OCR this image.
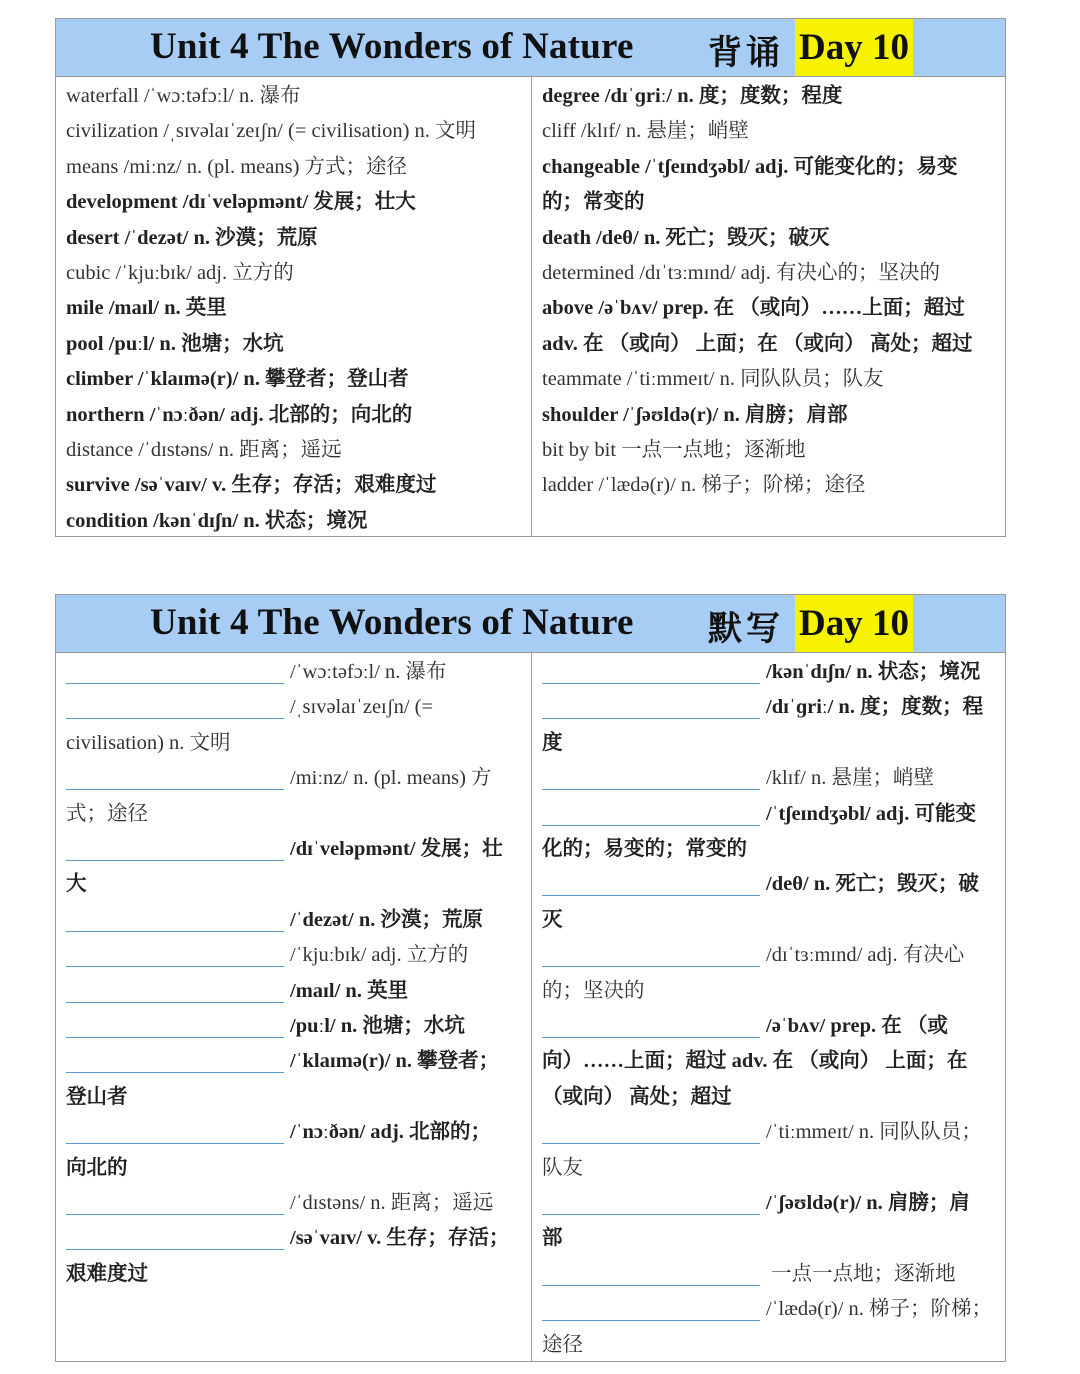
Unit 4 The Wonders of Nature 背诵 Day 10
waterfall /ˈwɔːtəfɔːl/ n. 瀑布
civilization /ˌsɪvəlaɪˈzeɪʃn/ (= civilisation) n. 文明
means /miːnz/ n. (pl. means) 方式；途径
development /dɪˈveləpmənt/ 发展；壮大
desert /ˈdezət/ n. 沙漠；荒原
cubic /ˈkjuːbɪk/ adj. 立方的
mile /maɪl/ n. 英里
pool /puːl/ n. 池塘；水坑
climber /ˈklaɪmə(r)/ n. 攀登者；登山者
northern /ˈnɔːðən/ adj. 北部的；向北的
distance /ˈdɪstəns/ n. 距离；遥远
survive /səˈvaɪv/ v. 生存；存活；艰难度过
condition /kənˈdɪʃn/ n. 状态；境况
degree /dɪˈɡriː/ n. 度；度数；程度
cliff /klɪf/ n. 悬崖；峭壁
changeable /ˈtʃeɪndʒəbl/ adj. 可能变化的；易变
的；常变的
death /deθ/ n. 死亡；毁灭；破灭
determined /dɪˈtɜːmɪnd/ adj. 有决心的；坚决的
above /əˈbʌv/ prep. 在 （或向）……上面；超过
adv. 在 （或向） 上面；在 （或向） 高处；超过
teammate /ˈtiːmmeɪt/ n. 同队队员；队友
shoulder /ˈʃəʊldə(r)/ n. 肩膀；肩部
bit by bit 一点一点地；逐渐地
ladder /ˈlædə(r)/ n. 梯子；阶梯；途径
Unit 4 The Wonders of Nature 默写 Day 10
/ˈwɔːtəfɔːl/ n. 瀑布
/ˌsɪvəlaɪˈzeɪʃn/ (=
civilisation) n. 文明
/miːnz/ n. (pl. means) 方
式；途径
/dɪˈveləpmənt/ 发展；壮
大
/ˈdezət/ n. 沙漠；荒原
/ˈkjuːbɪk/ adj. 立方的
/maɪl/ n. 英里
/puːl/ n. 池塘；水坑
/ˈklaɪmə(r)/ n. 攀登者；
登山者
/ˈnɔːðən/ adj. 北部的；
向北的
/ˈdɪstəns/ n. 距离；遥远
/səˈvaɪv/ v. 生存；存活；
艰难度过
/kənˈdɪʃn/ n. 状态；境况
/dɪˈɡriː/ n. 度；度数；程
度
/klɪf/ n. 悬崖；峭壁
/ˈtʃeɪndʒəbl/ adj. 可能变
化的；易变的；常变的
/deθ/ n. 死亡；毁灭；破
灭
/dɪˈtɜːmɪnd/ adj. 有决心
的；坚决的
/əˈbʌv/ prep. 在 （或
向）……上面；超过 adv. 在 （或向） 上面；在
（或向） 高处；超过
/ˈtiːmmeɪt/ n. 同队队员；
队友
/ˈʃəʊldə(r)/ n. 肩膀；肩
部
一点一点地；逐渐地
/ˈlædə(r)/ n. 梯子；阶梯；
途径
